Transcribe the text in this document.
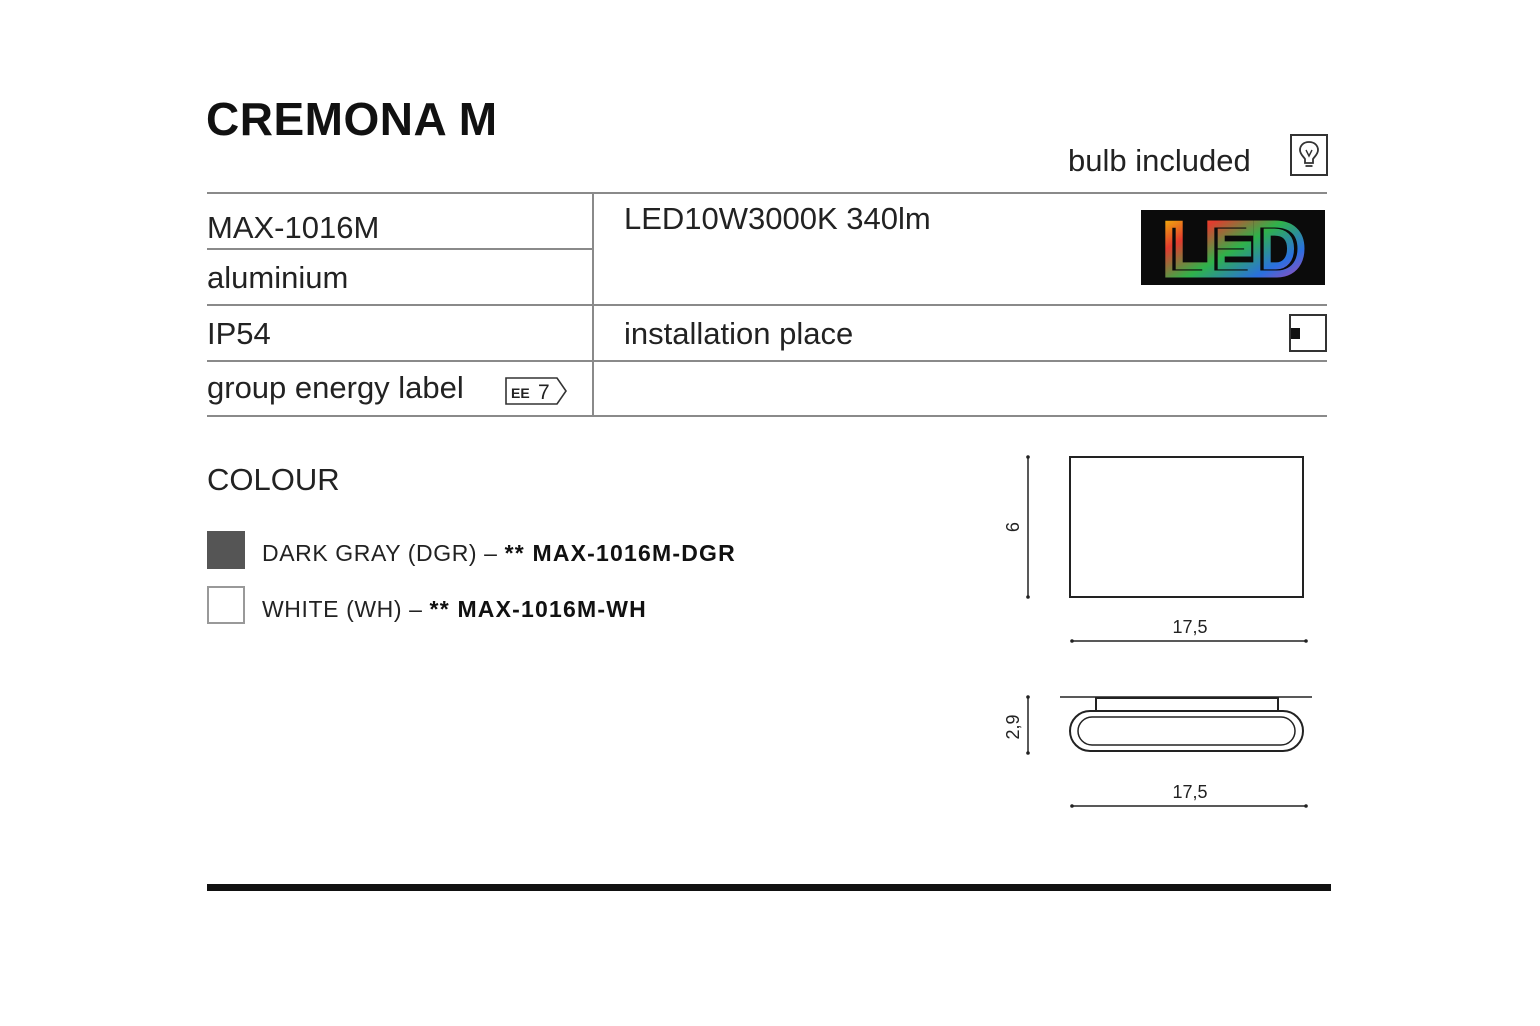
CREMONA M
bulb included
MAX-1016M
aluminium
LED10W3000K 340lm	LED
IP54	installation place
group energy label	EE 7
COLOUR
DARK GRAY (DGR) – ** MAX-1016M-DGR
WHITE (WH) – ** MAX-1016M-WH
9
17,5
2,9
17,5
